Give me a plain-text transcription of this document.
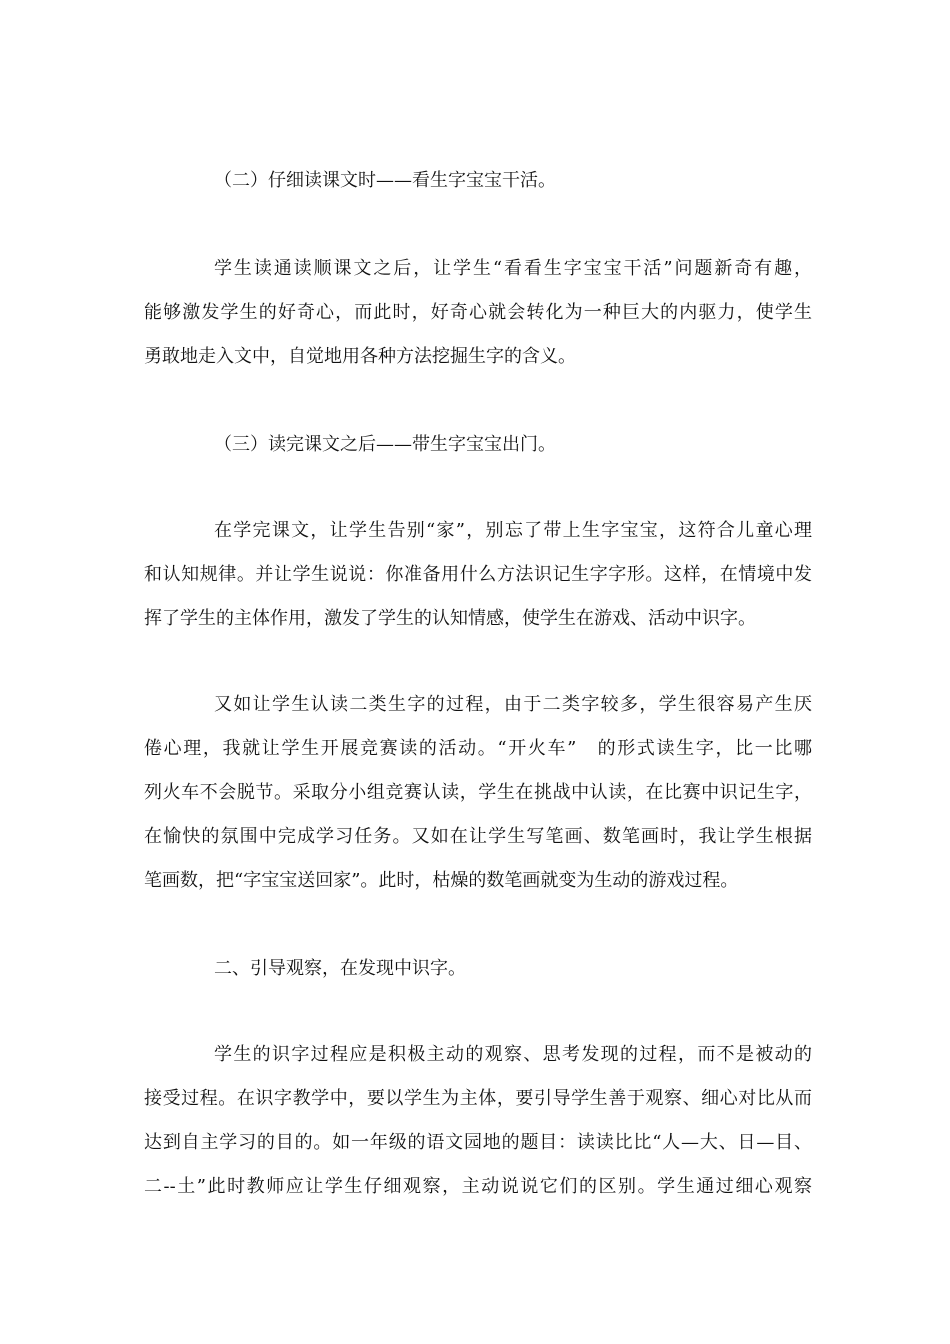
（二）仔细读课文时——看生字宝宝干活。
学生读通读顺课文之后，让学生“看看生字宝宝干活”问题新奇有趣，
能够激发学生的好奇心，而此时，好奇心就会转化为一种巨大的内驱力，使学生
勇敢地走入文中，自觉地用各种方法挖掘生字的含义。
（三）读完课文之后——带生字宝宝出门。
在学完课文，让学生告别“家”，别忘了带上生字宝宝，这符合儿童心理
和认知规律。并让学生说说：你准备用什么方法识记生字字形。这样，在情境中发
挥了学生的主体作用，激发了学生的认知情感，使学生在游戏、活动中识字。
又如让学生认读二类生字的过程，由于二类字较多，学生很容易产生厌
倦心理，我就让学生开展竞赛读的活动。“开火车”　的形式读生字，比一比哪
列火车不会脱节。采取分小组竞赛认读，学生在挑战中认读，在比赛中识记生字，
在愉快的氛围中完成学习任务。又如在让学生写笔画、数笔画时，我让学生根据
笔画数，把“字宝宝送回家”。此时，枯燥的数笔画就变为生动的游戏过程。
二、引导观察，在发现中识字。
学生的识字过程应是积极主动的观察、思考发现的过程，而不是被动的
接受过程。在识字教学中，要以学生为主体，要引导学生善于观察、细心对比从而
达到自主学习的目的。如一年级的语文园地的题目：读读比比“人—大、日—目、
二--土”此时教师应让学生仔细观察，主动说说它们的区别。学生通过细心观察
